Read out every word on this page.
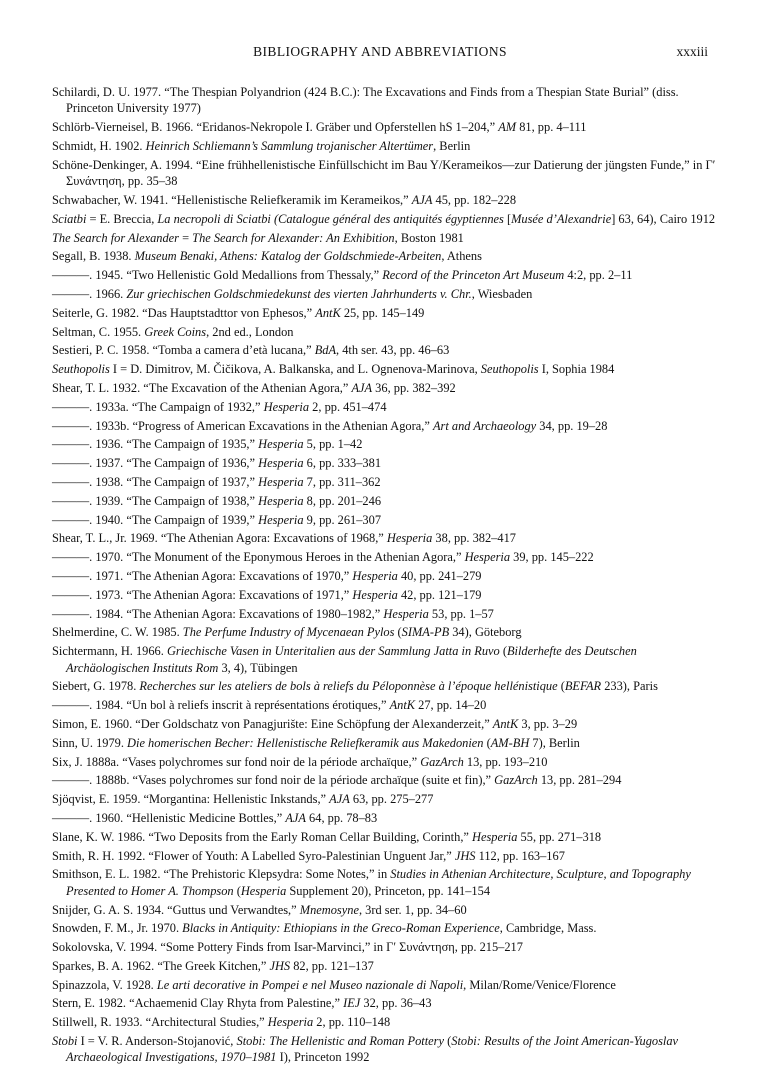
BIBLIOGRAPHY AND ABBREVIATIONS	xxxiii
Schilardi, D. U. 1977. “The Thespian Polyandrion (424 B.C.): The Excavations and Finds from a Thespian State Burial” (diss. Princeton University 1977)
Schlörb-Vierneisel, B. 1966. “Eridanos-Nekropole I. Gräber und Opferstellen hS 1–204,” AM 81, pp. 4–111
Schmidt, H. 1902. Heinrich Schliemann’s Sammlung trojanischer Altertümer, Berlin
Schöne-Denkinger, A. 1994. “Eine frühhellenistische Einfüllschicht im Bau Y/Kerameikos—zur Datierung der jüngsten Funde,” in Γ′ Συνάντηση, pp. 35–38
Schwabacher, W. 1941. “Hellenistische Reliefkeramik im Kerameikos,” AJA 45, pp. 182–228
Sciatbi = E. Breccia, La necropoli di Sciatbi (Catalogue général des antiquités égyptiennes [Musée d’Alexandrie] 63, 64), Cairo 1912
The Search for Alexander = The Search for Alexander: An Exhibition, Boston 1981
Segall, B. 1938. Museum Benaki, Athens: Katalog der Goldschmiede-Arbeiten, Athens
———. 1945. “Two Hellenistic Gold Medallions from Thessaly,” Record of the Princeton Art Museum 4:2, pp. 2–11
———. 1966. Zur griechischen Goldschmiedekunst des vierten Jahrhunderts v. Chr., Wiesbaden
Seiterle, G. 1982. “Das Hauptstadttor von Ephesos,” AntK 25, pp. 145–149
Seltman, C. 1955. Greek Coins, 2nd ed., London
Sestieri, P. C. 1958. “Tomba a camera d’età lucana,” BdA, 4th ser. 43, pp. 46–63
Seuthopolis I = D. Dimitrov, M. Čičikova, A. Balkanska, and L. Ognenova-Marinova, Seuthopolis I, Sophia 1984
Shear, T. L. 1932. “The Excavation of the Athenian Agora,” AJA 36, pp. 382–392
———. 1933a. “The Campaign of 1932,” Hesperia 2, pp. 451–474
———. 1933b. “Progress of American Excavations in the Athenian Agora,” Art and Archaeology 34, pp. 19–28
———. 1936. “The Campaign of 1935,” Hesperia 5, pp. 1–42
———. 1937. “The Campaign of 1936,” Hesperia 6, pp. 333–381
———. 1938. “The Campaign of 1937,” Hesperia 7, pp. 311–362
———. 1939. “The Campaign of 1938,” Hesperia 8, pp. 201–246
———. 1940. “The Campaign of 1939,” Hesperia 9, pp. 261–307
Shear, T. L., Jr. 1969. “The Athenian Agora: Excavations of 1968,” Hesperia 38, pp. 382–417
———. 1970. “The Monument of the Eponymous Heroes in the Athenian Agora,” Hesperia 39, pp. 145–222
———. 1971. “The Athenian Agora: Excavations of 1970,” Hesperia 40, pp. 241–279
———. 1973. “The Athenian Agora: Excavations of 1971,” Hesperia 42, pp. 121–179
———. 1984. “The Athenian Agora: Excavations of 1980–1982,” Hesperia 53, pp. 1–57
Shelmerdine, C. W. 1985. The Perfume Industry of Mycenaean Pylos (SIMA-PB 34), Göteborg
Sichtermann, H. 1966. Griechische Vasen in Unteritalien aus der Sammlung Jatta in Ruvo (Bilderhefte des Deutschen Archäologischen Instituts Rom 3, 4), Tübingen
Siebert, G. 1978. Recherches sur les ateliers de bols à reliefs du Péloponnèse à l’époque hellénistique (BEFAR 233), Paris
———. 1984. “Un bol à reliefs inscrit à représentations érotiques,” AntK 27, pp. 14–20
Simon, E. 1960. “Der Goldschatz von Panagjurište: Eine Schöpfung der Alexanderzeit,” AntK 3, pp. 3–29
Sinn, U. 1979. Die homerischen Becher: Hellenistische Reliefkeramik aus Makedonien (AM-BH 7), Berlin
Six, J. 1888a. “Vases polychromes sur fond noir de la période archaïque,” GazArch 13, pp. 193–210
———. 1888b. “Vases polychromes sur fond noir de la période archaïque (suite et fin),” GazArch 13, pp. 281–294
Sjöqvist, E. 1959. “Morgantina: Hellenistic Inkstands,” AJA 63, pp. 275–277
———. 1960. “Hellenistic Medicine Bottles,” AJA 64, pp. 78–83
Slane, K. W. 1986. “Two Deposits from the Early Roman Cellar Building, Corinth,” Hesperia 55, pp. 271–318
Smith, R. H. 1992. “Flower of Youth: A Labelled Syro-Palestinian Unguent Jar,” JHS 112, pp. 163–167
Smithson, E. L. 1982. “The Prehistoric Klepsydra: Some Notes,” in Studies in Athenian Architecture, Sculpture, and Topography Presented to Homer A. Thompson (Hesperia Supplement 20), Princeton, pp. 141–154
Snijder, G. A. S. 1934. “Guttus und Verwandtes,” Mnemosyne, 3rd ser. 1, pp. 34–60
Snowden, F. M., Jr. 1970. Blacks in Antiquity: Ethiopians in the Greco-Roman Experience, Cambridge, Mass.
Sokolovska, V. 1994. “Some Pottery Finds from Isar-Marvinci,” in Γ′ Συνάντηση, pp. 215–217
Sparkes, B. A. 1962. “The Greek Kitchen,” JHS 82, pp. 121–137
Spinazzola, V. 1928. Le arti decorative in Pompei e nel Museo nazionale di Napoli, Milan/Rome/Venice/Florence
Stern, E. 1982. “Achaemenid Clay Rhyta from Palestine,” IEJ 32, pp. 36–43
Stillwell, R. 1933. “Architectural Studies,” Hesperia 2, pp. 110–148
Stobi I = V. R. Anderson-Stojanović, Stobi: The Hellenistic and Roman Pottery (Stobi: Results of the Joint American-Yugoslav Archaeological Investigations, 1970–1981 I), Princeton 1992
